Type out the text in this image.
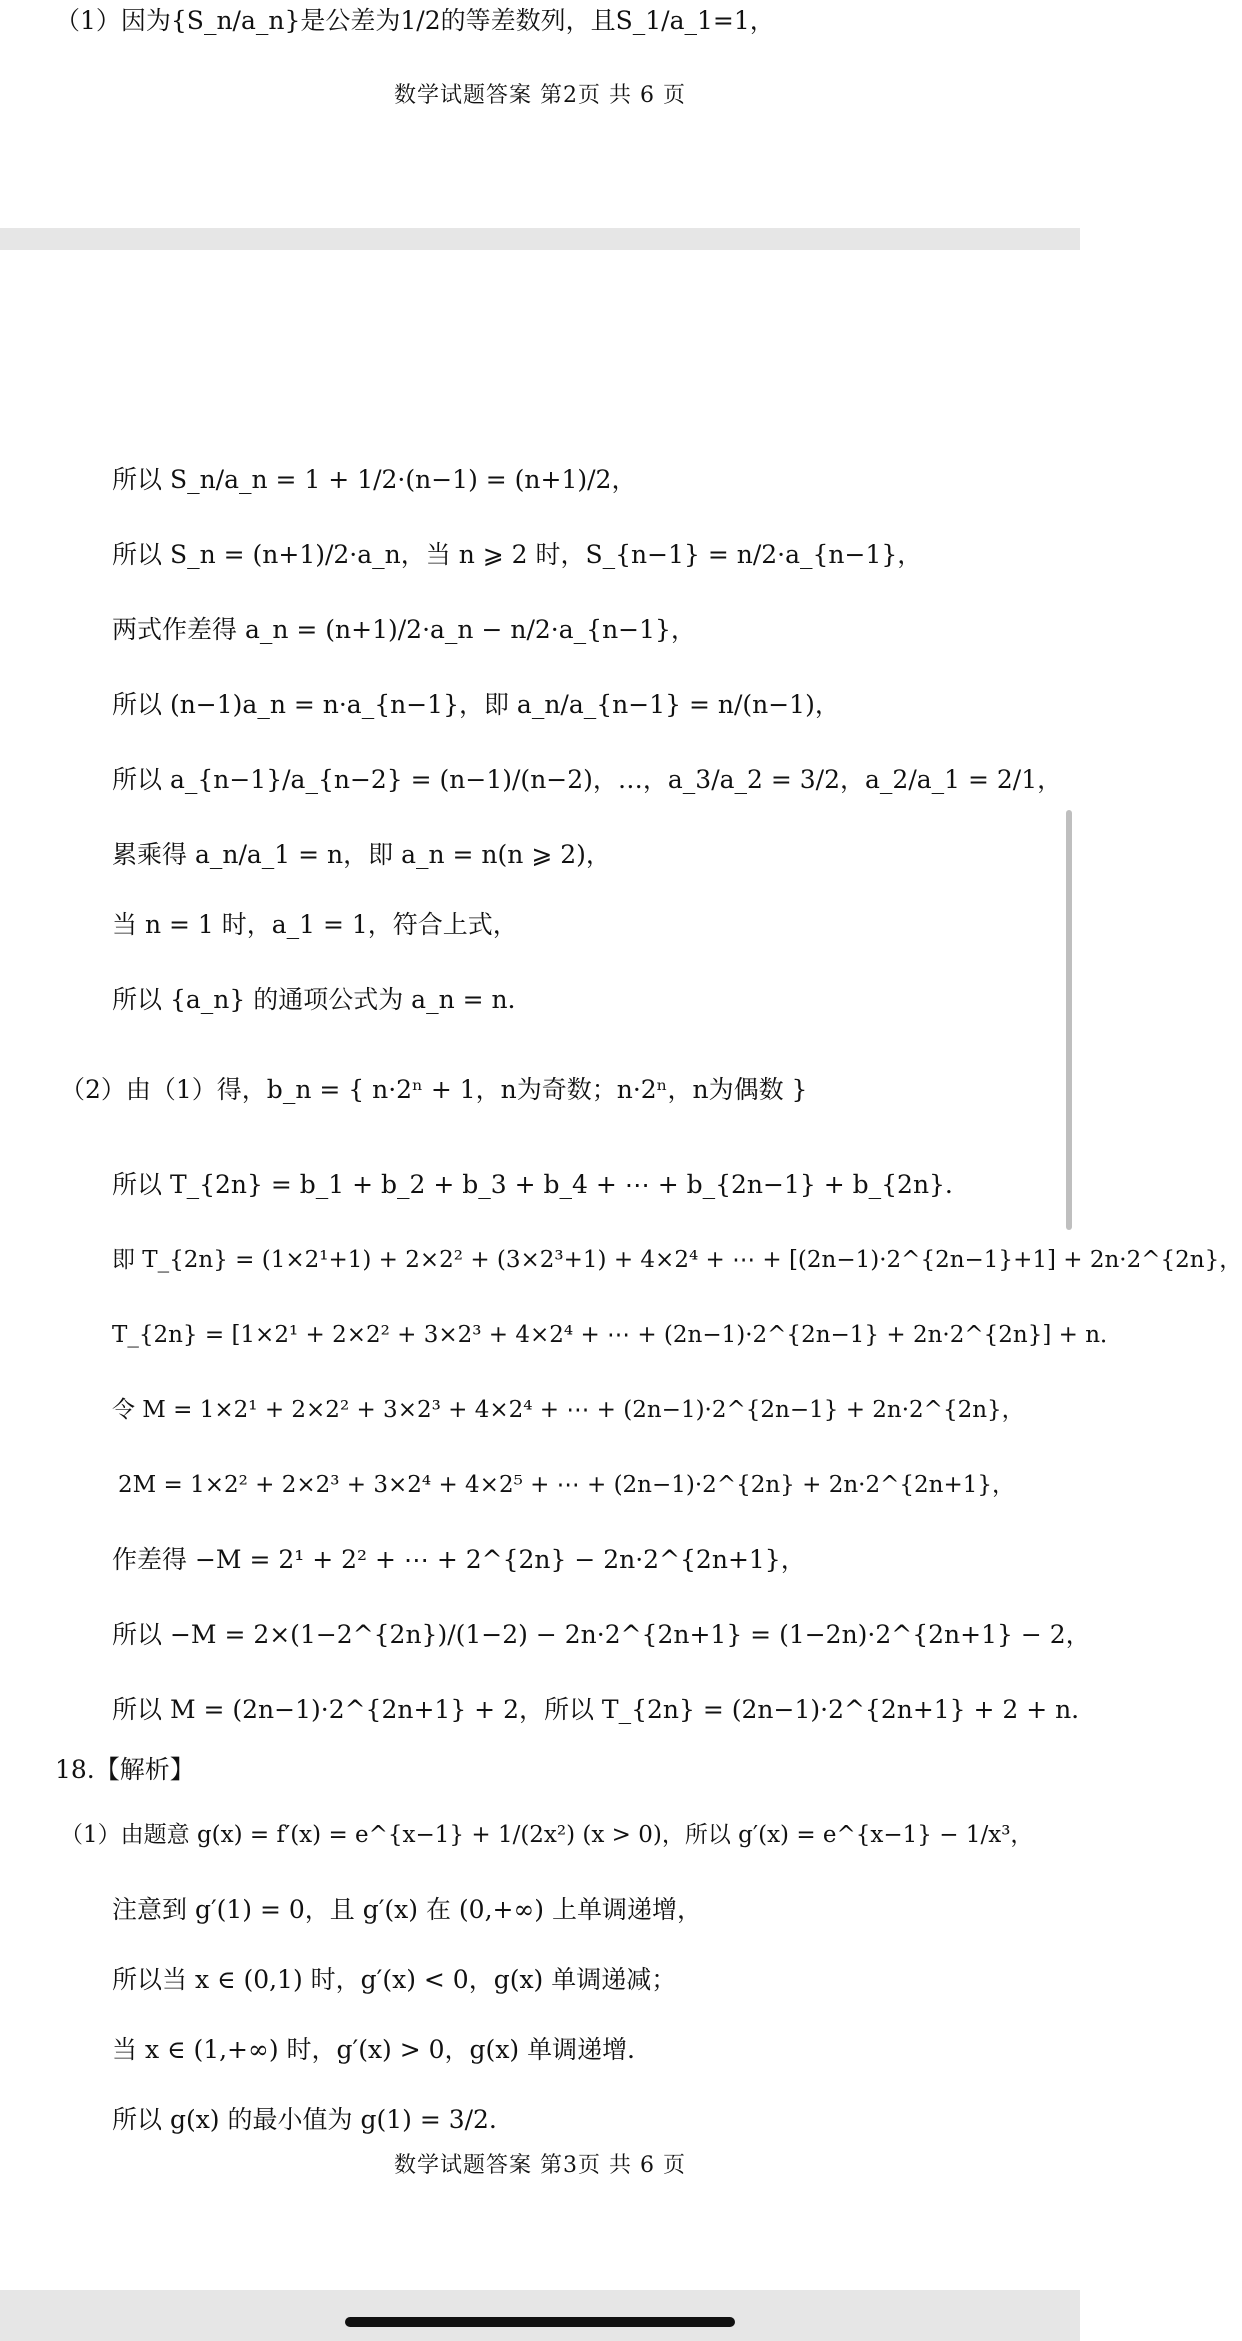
（1）因为{S_n/a_n}是公差为1/2的等差数列，且S_1/a_1=1，
数学试题答案 第2页 共 6 页
所以 S_n/a_n = 1 + 1/2·(n−1) = (n+1)/2，
所以 S_n = (n+1)/2·a_n，当 n ⩾ 2 时，S_{n−1} = n/2·a_{n−1}，
两式作差得 a_n = (n+1)/2·a_n − n/2·a_{n−1}，
所以 (n−1)a_n = n·a_{n−1}，即 a_n/a_{n−1} = n/(n−1)，
所以 a_{n−1}/a_{n−2} = (n−1)/(n−2)，…，a_3/a_2 = 3/2，a_2/a_1 = 2/1，
累乘得 a_n/a_1 = n，即 a_n = n(n ⩾ 2)，
当 n = 1 时，a_1 = 1，符合上式，
所以 {a_n} 的通项公式为 a_n = n．
（2）由（1）得，b_n = { n·2ⁿ + 1，n为奇数；n·2ⁿ，n为偶数 }
所以 T_{2n} = b_1 + b_2 + b_3 + b_4 + ⋯ + b_{2n−1} + b_{2n}．
即 T_{2n} = (1×2¹+1) + 2×2² + (3×2³+1) + 4×2⁴ + ⋯ + [(2n−1)·2^{2n−1}+1] + 2n·2^{2n}，
T_{2n} = [1×2¹ + 2×2² + 3×2³ + 4×2⁴ + ⋯ + (2n−1)·2^{2n−1} + 2n·2^{2n}] + n．
令 M = 1×2¹ + 2×2² + 3×2³ + 4×2⁴ + ⋯ + (2n−1)·2^{2n−1} + 2n·2^{2n}，
2M = 1×2² + 2×2³ + 3×2⁴ + 4×2⁵ + ⋯ + (2n−1)·2^{2n} + 2n·2^{2n+1}，
作差得 −M = 2¹ + 2² + ⋯ + 2^{2n} − 2n·2^{2n+1}，
所以 −M = 2×(1−2^{2n})/(1−2) − 2n·2^{2n+1} = (1−2n)·2^{2n+1} − 2，
所以 M = (2n−1)·2^{2n+1} + 2，所以 T_{2n} = (2n−1)·2^{2n+1} + 2 + n．
18.【解析】
（1）由题意 g(x) = f′(x) = e^{x−1} + 1/(2x²) (x > 0)，所以 g′(x) = e^{x−1} − 1/x³，
注意到 g′(1) = 0，且 g′(x) 在 (0,+∞) 上单调递增，
所以当 x ∈ (0,1) 时，g′(x) < 0，g(x) 单调递减；
当 x ∈ (1,+∞) 时，g′(x) > 0，g(x) 单调递增．
所以 g(x) 的最小值为 g(1) = 3/2．
数学试题答案 第3页 共 6 页
